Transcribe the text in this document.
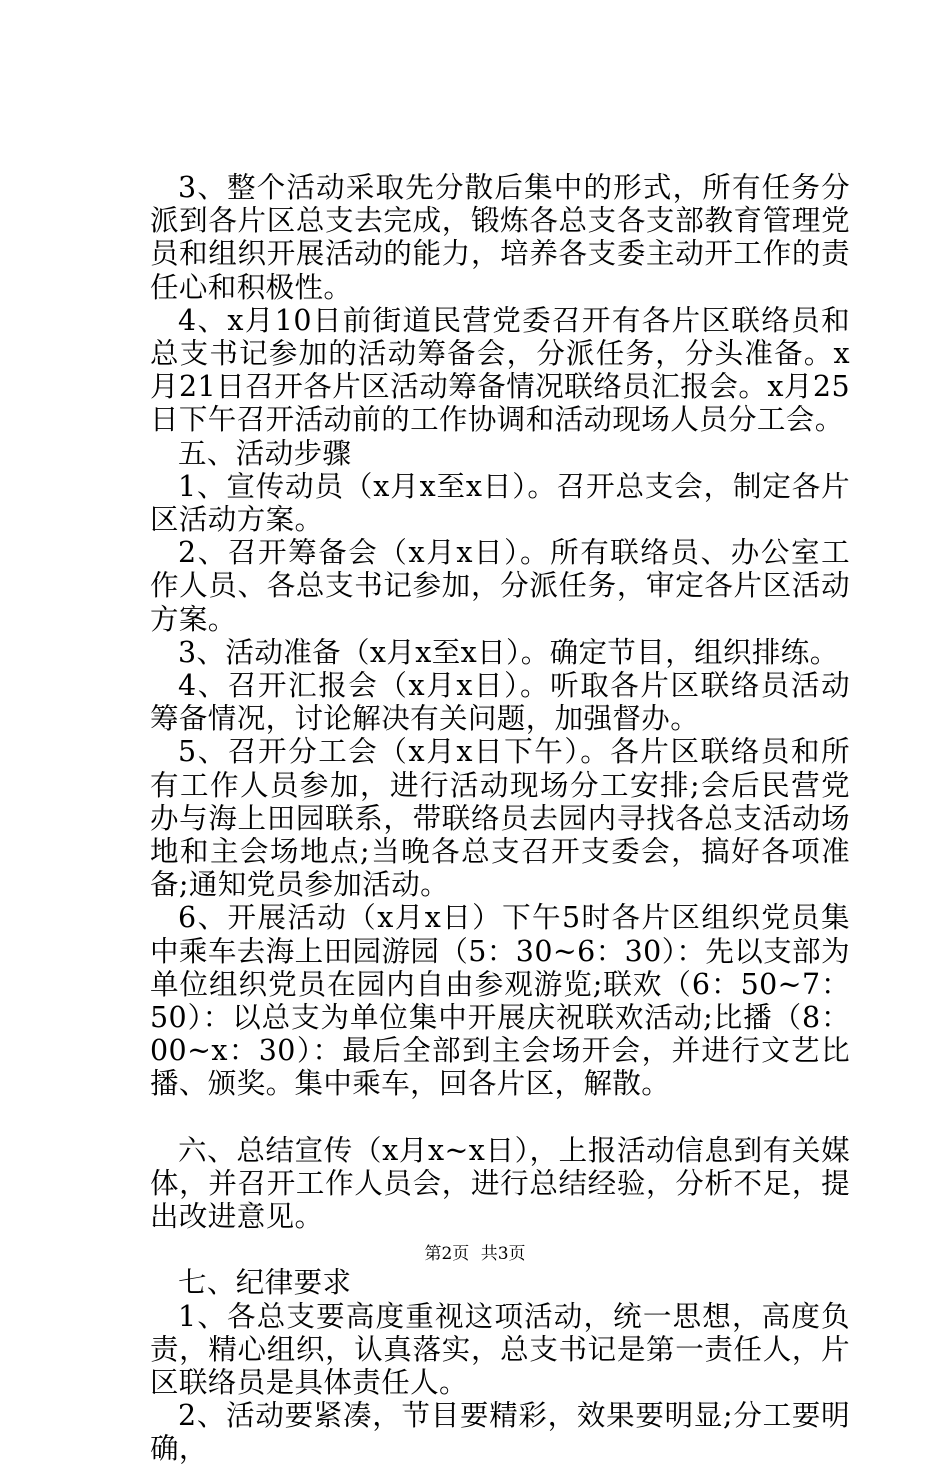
3、整个活动采取先分散后集中的形式，所有任务分派到各片区总支去完成，锻炼各总支各支部教育管理党员和组织开展活动的能力，培养各支委主动开工作的责任心和积极性。

4、x月10日前街道民营党委召开有各片区联络员和总支书记参加的活动筹备会，分派任务，分头准备。x月21日召开各片区活动筹备情况联络员汇报会。x月25日下午召开活动前的工作协调和活动现场人员分工会。

五、活动步骤

1、宣传动员（x月x至x日）。召开总支会，制定各片区活动方案。

2、召开筹备会（x月x日）。所有联络员、办公室工作人员、各总支书记参加，分派任务，审定各片区活动方案。

3、活动准备（x月x至x日）。确定节目，组织排练。

4、召开汇报会（x月x日）。听取各片区联络员活动筹备情况，讨论解决有关问题，加强督办。

5、召开分工会（x月x日下午）。各片区联络员和所有工作人员参加，进行活动现场分工安排;会后民营党办与海上田园联系，带联络员去园内寻找各总支活动场地和主会场地点;当晚各总支召开支委会，搞好各项准备;通知党员参加活动。

6、开展活动（x月x日）下午5时各片区组织党员集中乘车去海上田园游园（5：30~6：30）：先以支部为单位组织党员在园内自由参观游览;联欢（6：50~7：50）：以总支为单位集中开展庆祝联欢活动;比播（8：00~x：30）：最后全部到主会场开会，并进行文艺比播、颁奖。集中乘车，回各片区，解散。

六、总结宣传（x月x~x日），上报活动信息到有关媒体，并召开工作人员会，进行总结经验，分析不足，提出改进意见。

七、纪律要求

1、各总支要高度重视这项活动，统一思想，高度负责，精心组织，认真落实，总支书记是第一责任人，片区联络员是具体责任人。

2、活动要紧凑，节目要精彩，效果要明显;分工要明确，

第2页 共3页
